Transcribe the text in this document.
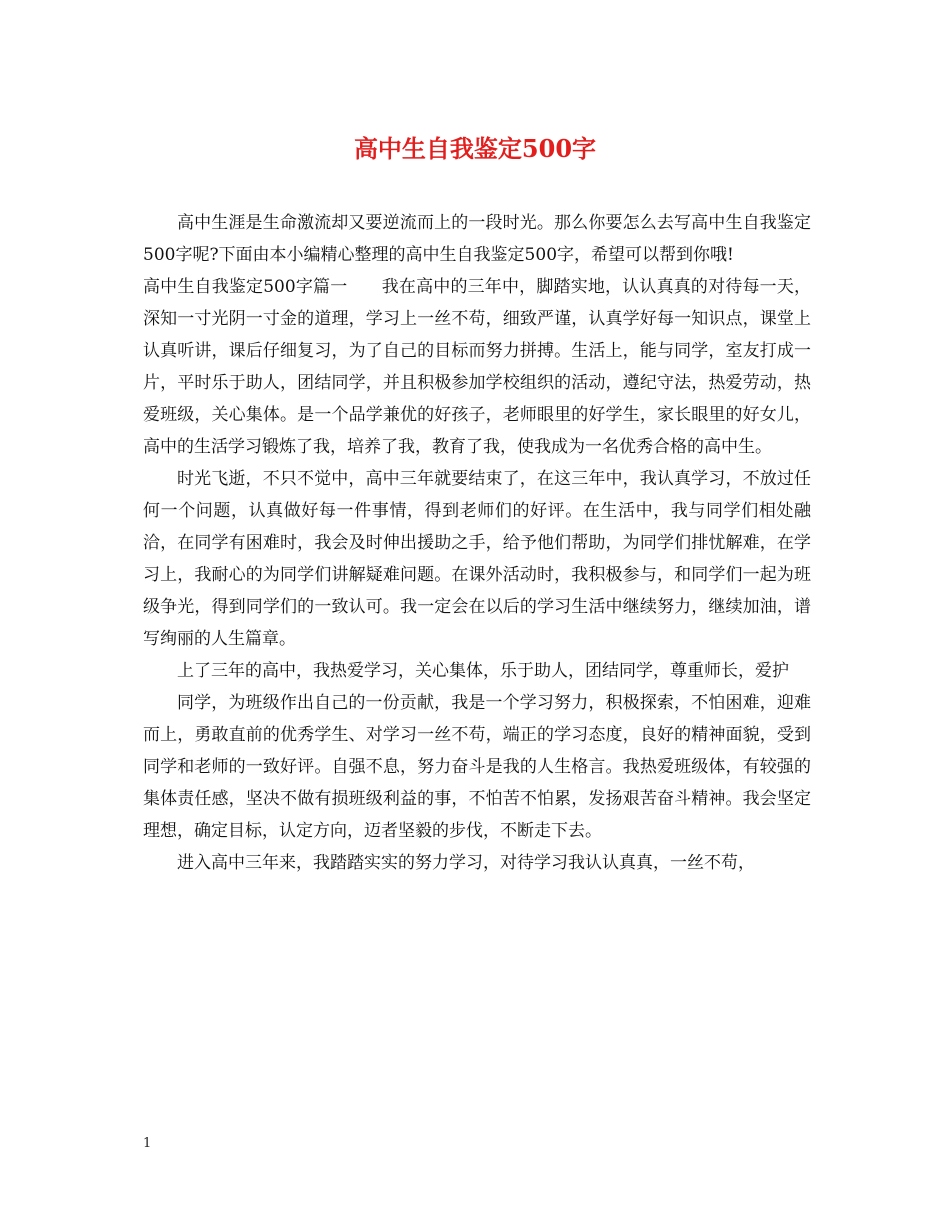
高中生自我鉴定500字

高中生涯是生命激流却又要逆流而上的一段时光。那么你要怎么去写高中生自我鉴定500字呢?下面由本小编精心整理的高中生自我鉴定500字，希望可以帮到你哦!

高中生自我鉴定500字篇一　　我在高中的三年中，脚踏实地，认认真真的对待每一天，深知一寸光阴一寸金的道理，学习上一丝不苟，细致严谨，认真学好每一知识点，课堂上认真听讲，课后仔细复习，为了自己的目标而努力拼搏。生活上，能与同学，室友打成一片，平时乐于助人，团结同学，并且积极参加学校组织的活动，遵纪守法，热爱劳动，热爱班级，关心集体。是一个品学兼优的好孩子，老师眼里的好学生，家长眼里的好女儿，高中的生活学习锻炼了我，培养了我，教育了我，使我成为一名优秀合格的高中生。

时光飞逝，不只不觉中，高中三年就要结束了，在这三年中，我认真学习，不放过任何一个问题，认真做好每一件事情，得到老师们的好评。在生活中，我与同学们相处融洽，在同学有困难时，我会及时伸出援助之手，给予他们帮助，为同学们排忧解难，在学习上，我耐心的为同学们讲解疑难问题。在课外活动时，我积极参与，和同学们一起为班级争光，得到同学们的一致认可。我一定会在以后的学习生活中继续努力，继续加油，谱写绚丽的人生篇章。

上了三年的高中，我热爱学习，关心集体，乐于助人，团结同学，尊重师长，爱护

同学，为班级作出自己的一份贡献，我是一个学习努力，积极探索，不怕困难，迎难而上，勇敢直前的优秀学生、对学习一丝不苟，端正的学习态度，良好的精神面貌，受到同学和老师的一致好评。自强不息，努力奋斗是我的人生格言。我热爱班级体，有较强的集体责任感，坚决不做有损班级利益的事，不怕苦不怕累，发扬艰苦奋斗精神。我会坚定理想，确定目标，认定方向，迈者坚毅的步伐，不断走下去。

进入高中三年来，我踏踏实实的努力学习，对待学习我认认真真，一丝不苟，

1
